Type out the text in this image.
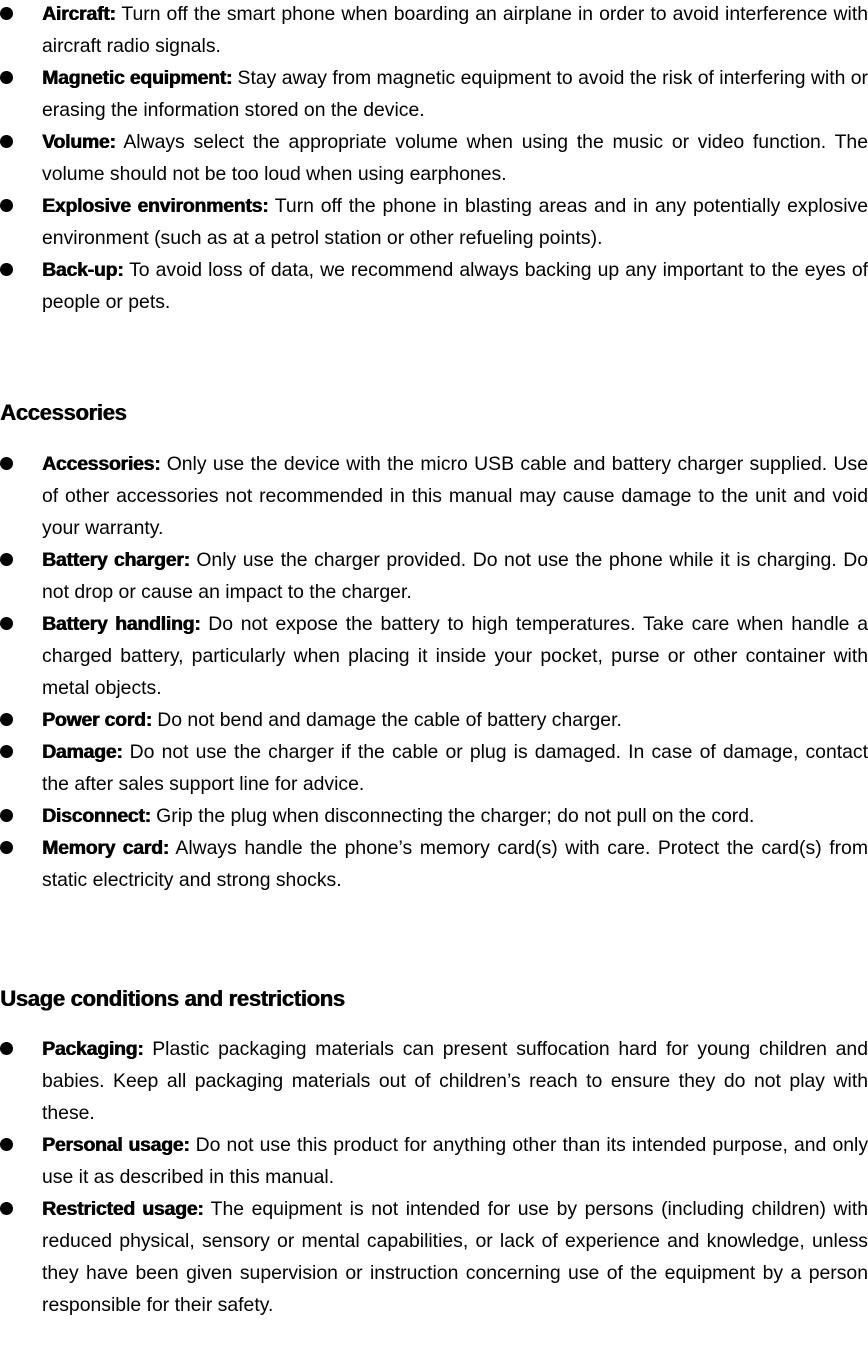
Aircraft: Turn off the smart phone when boarding an airplane in order to avoid interference with aircraft radio signals.
Magnetic equipment: Stay away from magnetic equipment to avoid the risk of interfering with or erasing the information stored on the device.
Volume: Always select the appropriate volume when using the music or video function. The volume should not be too loud when using earphones.
Explosive environments: Turn off the phone in blasting areas and in any potentially explosive environment (such as at a petrol station or other refueling points).
Back-up: To avoid loss of data, we recommend always backing up any important to the eyes of people or pets.
Accessories
Accessories: Only use the device with the micro USB cable and battery charger supplied. Use of other accessories not recommended in this manual may cause damage to the unit and void your warranty.
Battery charger: Only use the charger provided. Do not use the phone while it is charging. Do not drop or cause an impact to the charger.
Battery handling: Do not expose the battery to high temperatures. Take care when handle a charged battery, particularly when placing it inside your pocket, purse or other container with metal objects.
Power cord: Do not bend and damage the cable of battery charger.
Damage: Do not use the charger if the cable or plug is damaged. In case of damage, contact the after sales support line for advice.
Disconnect: Grip the plug when disconnecting the charger; do not pull on the cord.
Memory card: Always handle the phone’s memory card(s) with care. Protect the card(s) from static electricity and strong shocks.
Usage conditions and restrictions
Packaging: Plastic packaging materials can present suffocation hard for young children and babies. Keep all packaging materials out of children’s reach to ensure they do not play with these.
Personal usage: Do not use this product for anything other than its intended purpose, and only use it as described in this manual.
Restricted usage: The equipment is not intended for use by persons (including children) with reduced physical, sensory or mental capabilities, or lack of experience and knowledge, unless they have been given supervision or instruction concerning use of the equipment by a person responsible for their safety.
